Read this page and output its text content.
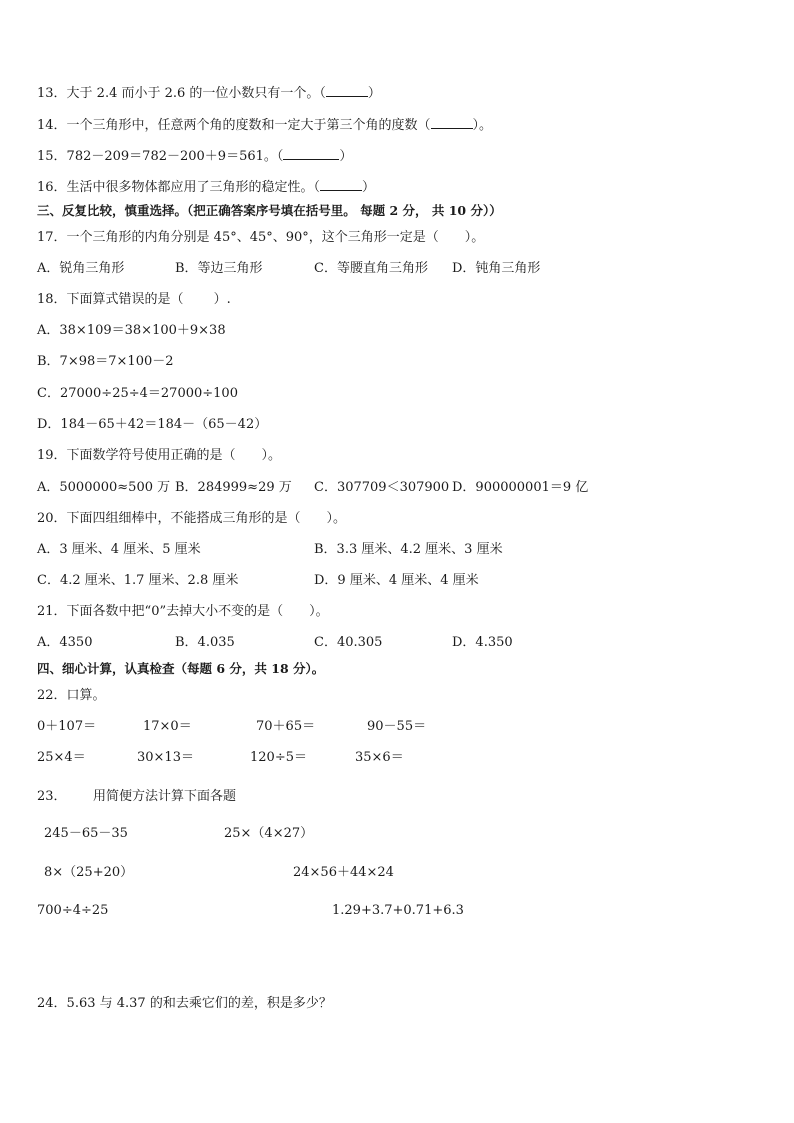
13．大于 2.4 而小于 2.6 的一位小数只有一个。（	）
14．一个三角形中，任意两个角的度数和一定大于第三个角的度数（	）。
15．782－209＝782－200＋9＝561。（	）
16．生活中很多物体都应用了三角形的稳定性。（	）
三、反复比较，慎重选择。（把正确答案序号填在括号里。 每题 2 分， 共 10 分））
17．一个三角形的内角分别是 45°、45°、90°，这个三角形一定是（　　）。
A．锐角三角形	B．等边三角形	C．等腰直角三角形 D．钝角三角形
18．下面算式错误的是（　　 ）.
A．38×109＝38×100＋9×38
B．7×98＝7×100－2
C．27000÷25÷4＝27000÷100
D．184－65＋42＝184－（65－42）
19．下面数学符号使用正确的是（　　）。
A．5000000≈500 万 B．284999≈29 万 C．307709＜307900 D．900000001＝9 亿
20．下面四组细棒中，不能搭成三角形的是（　　）。
A．3 厘米、4 厘米、5 厘米	B．3.3 厘米、4.2 厘米、3 厘米
C．4.2 厘米、1.7 厘米、2.8 厘米	D．9 厘米、4 厘米、4 厘米
21．下面各数中把“0”去掉大小不变的是（　　）。
A．4350	B．4.035	C．40.305	D．4.350
四、细心计算，认真检查（每题 6 分，共 18 分）。
22．口算。
0＋107＝	17×0＝	70＋65＝	90－55＝
25×4＝	30×13＝	120÷5＝	35×6＝
23． 用简便方法计算下面各题
245－65－35	25×（4×27）
8×（25+20）	24×56＋44×24
700÷4÷25	1.29+3.7+0.71+6.3
24．5.63 与 4.37 的和去乘它们的差，积是多少？
